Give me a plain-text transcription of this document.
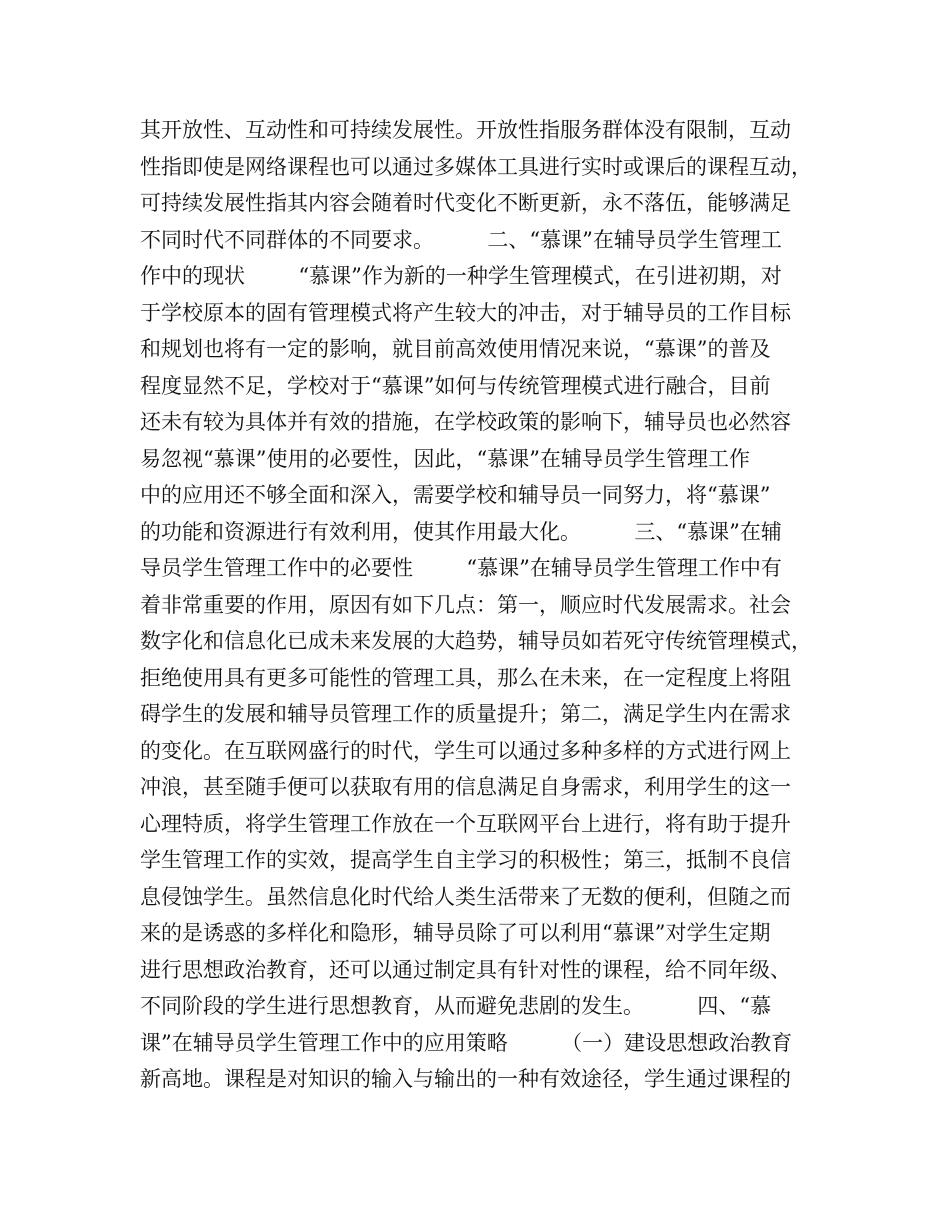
其开放性、互动性和可持续发展性。开放性指服务群体没有限制，互动
性指即使是网络课程也可以通过多媒体工具进行实时或课后的课程互动，
可持续发展性指其内容会随着时代变化不断更新，永不落伍，能够满足
不同时代不同群体的不同要求。        二、“慕课”在辅导员学生管理工
作中的现状        “慕课”作为新的一种学生管理模式，在引进初期，对
于学校原本的固有管理模式将产生较大的冲击，对于辅导员的工作目标
和规划也将有一定的影响，就目前高效使用情况来说，“慕课”的普及
程度显然不足，学校对于“慕课”如何与传统管理模式进行融合，目前
还未有较为具体并有效的措施，在学校政策的影响下，辅导员也必然容
易忽视“慕课”使用的必要性，因此，“慕课”在辅导员学生管理工作
中的应用还不够全面和深入，需要学校和辅导员一同努力，将“慕课”
的功能和资源进行有效利用，使其作用最大化。        三、“慕课”在辅
导员学生管理工作中的必要性        “慕课”在辅导员学生管理工作中有
着非常重要的作用，原因有如下几点：第一，顺应时代发展需求。社会
数字化和信息化已成未来发展的大趋势，辅导员如若死守传统管理模式，
拒绝使用具有更多可能性的管理工具，那么在未来，在一定程度上将阻
碍学生的发展和辅导员管理工作的质量提升；第二，满足学生内在需求
的变化。在互联网盛行的时代，学生可以通过多种多样的方式进行网上
冲浪，甚至随手便可以获取有用的信息满足自身需求，利用学生的这一
心理特质，将学生管理工作放在一个互联网平台上进行，将有助于提升
学生管理工作的实效，提高学生自主学习的积极性；第三，抵制不良信
息侵蚀学生。虽然信息化时代给人类生活带来了无数的便利，但随之而
来的是诱惑的多样化和隐形，辅导员除了可以利用“慕课”对学生定期
进行思想政治教育，还可以通过制定具有针对性的课程，给不同年级、
不同阶段的学生进行思想教育，从而避免悲剧的发生。        四、“慕
课”在辅导员学生管理工作中的应用策略        （一）建设思想政治教育
新高地。课程是对知识的输入与输出的一种有效途径，学生通过课程的
